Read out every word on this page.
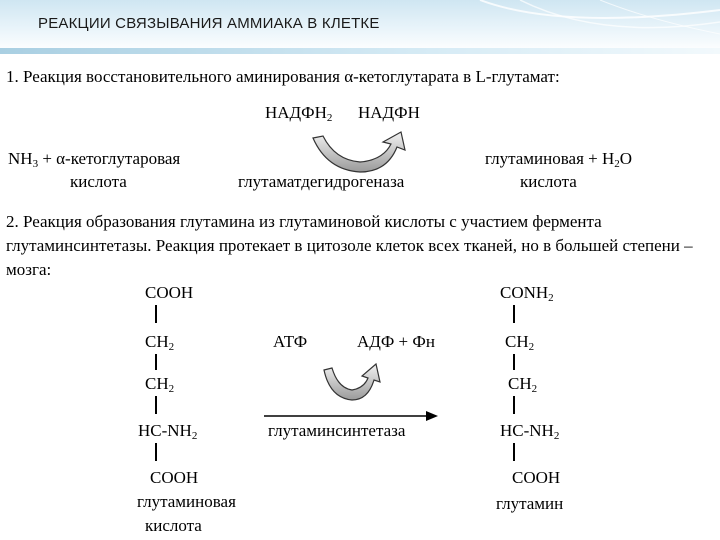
РЕАКЦИИ СВЯЗЫВАНИЯ АММИАКА В КЛЕТКЕ
1. Реакция восстановительного аминирования α-кетоглутарата в L-глутамат:
$НАДФН_2$ НАДФН
$NH_3$ + α-кетоглутаровая
кислота	глутаматдегидрогеназа
глутаминовая + $Н_2О$
кислота
2. Реакция образования глутамина из глутаминовой кислоты с участием фермента глутаминсинтетазы. Реакция протекает в цитозоле клеток всех тканей, но в большей степени – мозга:
COOH
$CH_2$
$CH_2$
$HC-NH_2$
COOH
глутаминовая
кислота
$CONH_2$
$CH_2$
$CH_2$
$HC-NH_2$
COOH
глутамин
АТФ	АДФ + Фн
глутаминсинтетаза
